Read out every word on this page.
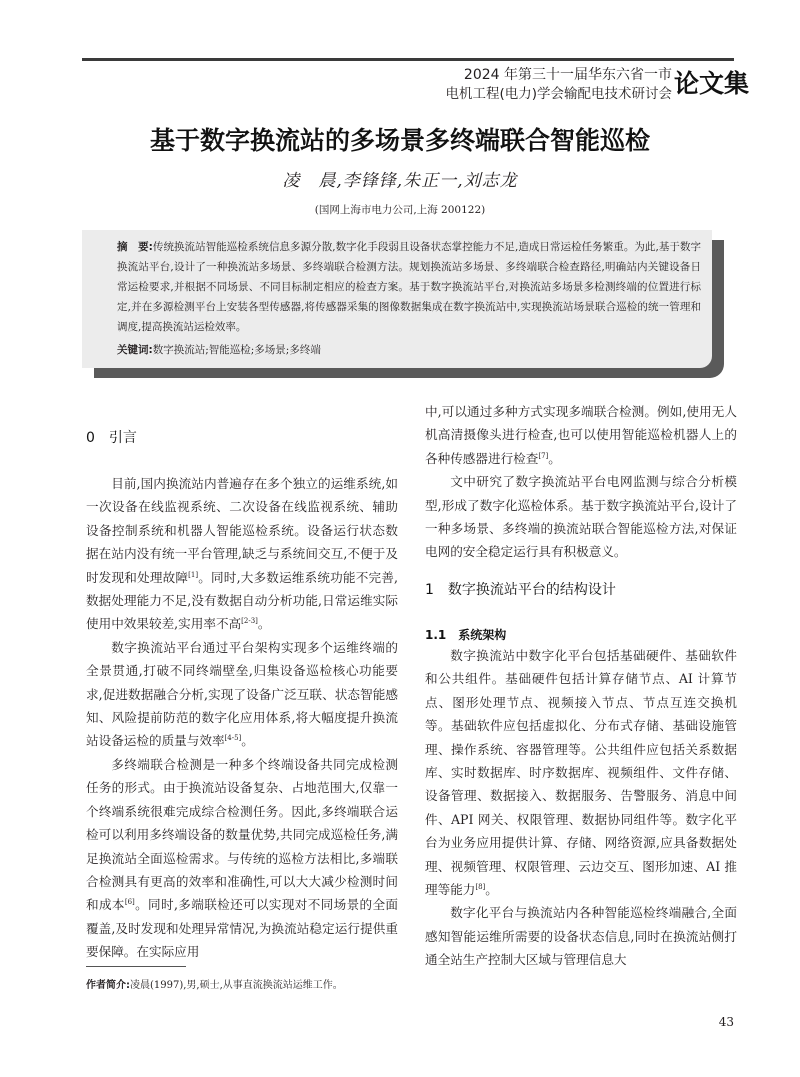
2024 年第三十一届华东六省一市
电机工程(电力)学会输配电技术研讨会 论文集
基于数字换流站的多场景多终端联合智能巡检
凌　晨,李锋锋,朱正一,刘志龙
(国网上海市电力公司,上海 200122)
摘　要:传统换流站智能巡检系统信息多源分散,数字化手段弱且设备状态掌控能力不足,造成日常运检任务繁重。为此,基于数字换流站平台,设计了一种换流站多场景、多终端联合检测方法。规划换流站多场景、多终端联合检查路径,明确站内关键设备日常运检要求,并根据不同场景、不同目标制定相应的检查方案。基于数字换流站平台,对换流站多场景多检测终端的位置进行标定,并在多源检测平台上安装各型传感器,将传感器采集的图像数据集成在数字换流站中,实现换流站场景联合巡检的统一管理和调度,提高换流站运检效率。
关键词:数字换流站;智能巡检;多场景;多终端
0　引言

目前,国内换流站内普遍存在多个独立的运维系统,如一次设备在线监视系统、二次设备在线监视系统、辅助设备控制系统和机器人智能巡检系统。设备运行状态数据在站内没有统一平台管理,缺乏与系统间交互,不便于及时发现和处理故障[1]。同时,大多数运维系统功能不完善,数据处理能力不足,没有数据自动分析功能,日常运维实际使用中效果较差,实用率不高[2-3]。

数字换流站平台通过平台架构实现多个运维终端的全景贯通,打破不同终端壁垒,归集设备巡检核心功能要求,促进数据融合分析,实现了设备广泛互联、状态智能感知、风险提前防范的数字化应用体系,将大幅度提升换流站设备运检的质量与效率[4-5]。

多终端联合检测是一种多个终端设备共同完成检测任务的形式。由于换流站设备复杂、占地范围大,仅靠一个终端系统很难完成综合检测任务。因此,多终端联合运检可以利用多终端设备的数量优势,共同完成巡检任务,满足换流站全面巡检需求。与传统的巡检方法相比,多端联合检测具有更高的效率和准确性,可以大大减少检测时间和成本[6]。同时,多端联检还可以实现对不同场景的全面覆盖,及时发现和处理异常情况,为换流站稳定运行提供重要保障。在实际应用

中,可以通过多种方式实现多端联合检测。例如,使用无人机高清摄像头进行检查,也可以使用智能巡检机器人上的各种传感器进行检查[7]。

文中研究了数字换流站平台电网监测与综合分析模型,形成了数字化巡检体系。基于数字换流站平台,设计了一种多场景、多终端的换流站联合智能巡检方法,对保证电网的安全稳定运行具有积极意义。

1　数字换流站平台的结构设计
1.1　系统架构

数字换流站中数字化平台包括基础硬件、基础软件和公共组件。基础硬件包括计算存储节点、AI 计算节点、图形处理节点、视频接入节点、节点互连交换机等。基础软件应包括虚拟化、分布式存储、基础设施管理、操作系统、容器管理等。公共组件应包括关系数据库、实时数据库、时序数据库、视频组件、文件存储、设备管理、数据接入、数据服务、告警服务、消息中间件、API 网关、权限管理、数据协同组件等。数字化平台为业务应用提供计算、存储、网络资源,应具备数据处理、视频管理、权限管理、云边交互、图形加速、AI 推理等能力[8]。

数字化平台与换流站内各种智能巡检终端融合,全面感知智能运维所需要的设备状态信息,同时在换流站侧打通全站生产控制大区域与管理信息大

作者简介:凌晨(1997),男,硕士,从事直流换流站运维工作。
43
